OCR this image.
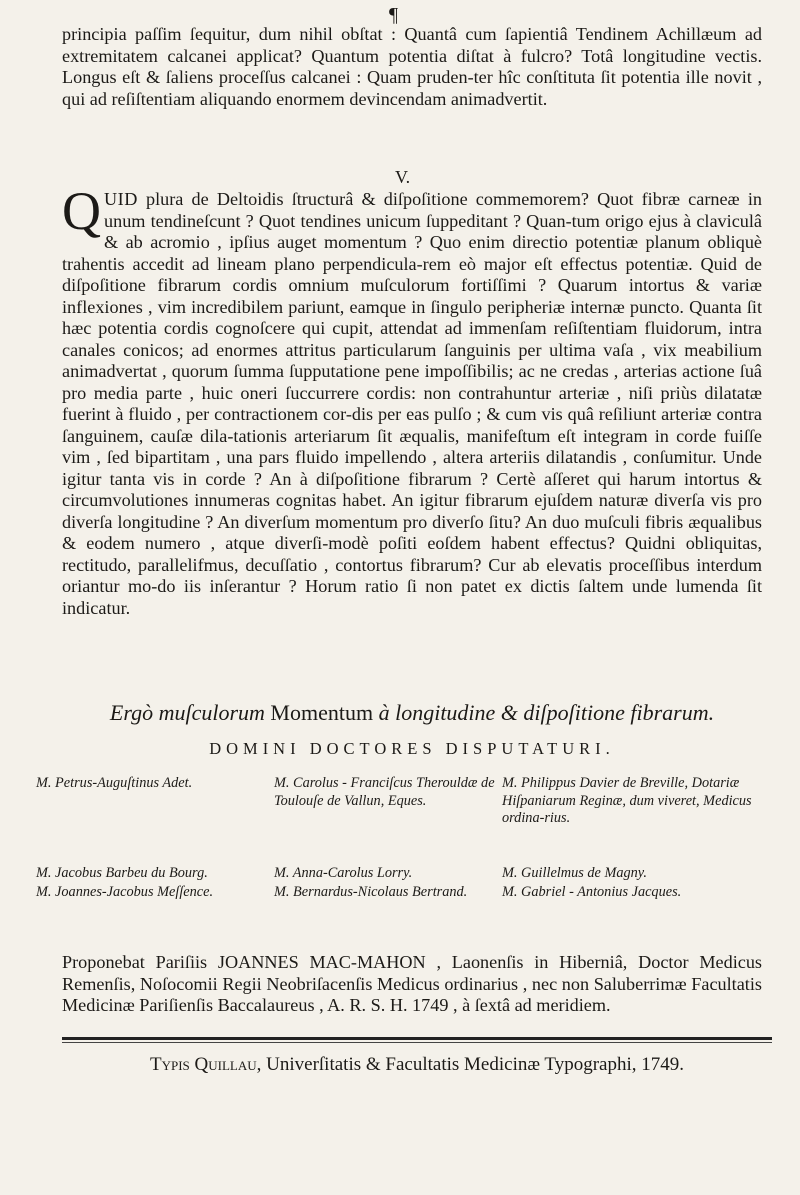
¶
principia paſſim ſequitur, dum nihil obſtat : Quantâ cum ſapientiâ Tendinem Achillæum ad extremitatem calcanei applicat? Quantum potentia diſtat à fulcro? Totâ longitudine vectis. Longus eſt & ſaliens proceſſus calcanei : Quam pruden-ter hîc conſtituta ſit potentia ille novit , qui ad reſiſtentiam aliquando enormem devincendam animadvertit.
V.
QUID plura de Deltoidis ſtructurâ & diſpoſitione commemorem? Quot fibræ carneæ in unum tendineſcunt ? Quot tendines unicum ſuppeditant ? Quan-tum origo ejus à claviculâ & ab acromio , ipſius auget momentum ? Quo enim directio potentiæ planum obliquè trahentis accedit ad lineam plano perpendicula-rem eò major eſt effectus potentiæ. Quid de diſpoſitione fibrarum cordis omnium muſculorum fortiſſimi ? Quarum intortus & variæ inflexiones , vim incredibilem pariunt, eamque in ſingulo peripheriæ internæ puncto. Quanta ſit hæc potentia cordis cognoſcere qui cupit, attendat ad immenſam reſiſtentiam fluidorum, intra canales conicos; ad enormes attritus particularum ſanguinis per ultima vaſa , vix meabilium animadvertat , quorum ſumma ſupputatione pene impoſſibilis; ac ne credas , arterias actione ſuâ pro media parte , huic oneri ſuccurrere cordis: non contrahuntur arteriæ , niſi priùs dilatatæ fuerint à fluido , per contractionem cor-dis per eas pulſo ; & cum vis quâ reſiliunt arteriæ contra ſanguinem, cauſæ dila-tationis arteriarum ſit æqualis, manifeſtum eſt integram in corde fuiſſe vim , ſed bipartitam , una pars fluido impellendo , altera arteriis dilatandis , conſumitur. Unde igitur tanta vis in corde ? An à diſpoſitione fibrarum ? Certè aſſeret qui harum intortus & circumvolutiones innumeras cognitas habet. An igitur fibrarum ejuſdem naturæ diverſa vis pro diverſa longitudine ? An diverſum momentum pro diverſo ſitu? An duo muſculi fibris æqualibus & eodem numero , atque diverſi-modè poſiti eoſdem habent effectus? Quidni obliquitas, rectitudo, parallelifmus, decuſſatio , contortus fibrarum? Cur ab elevatis proceſſibus interdum oriantur mo-do iis inſerantur ? Horum ratio ſi non patet ex dictis ſaltem unde lumenda ſit indicatur.
Ergò muſculorum Momentum à longitudine & diſpoſitione fibrarum.
DOMINI DOCTORES DISPUTATURI.
M. Petrus-Auguſtinus Adet.
M. Jacobus Barbeu du Bourg.
M. Joannes-Jacobus Meſſence.
M. Carolus - Franciſcus Therouldæ de Toulouſe de Vallun, Eques.
M. Anna-Carolus Lorry.
M. Bernardus-Nicolaus Bertrand.
M. Philippus Davier de Breville, Dotariæ Hiſpaniarum Reginæ, dum viveret, Medicus ordina-rius.
M. Guillelmus de Magny.
M. Gabriel - Antonius Jacques.
Proponebat Pariſiis JOANNES MAC-MAHON , Laonenſis in Hiberniâ, Doctor Medicus Remenſis, Noſocomii Regii Neobriſacenſis Medicus ordinarius , nec non Saluberrimæ Facultatis Medicinæ Pariſienſis Baccalaureus , A. R. S. H. 1749 , à ſextâ ad meridiem.
Typis Quillau, Univerſitatis & Facultatis Medicinæ Typographi, 1749.
